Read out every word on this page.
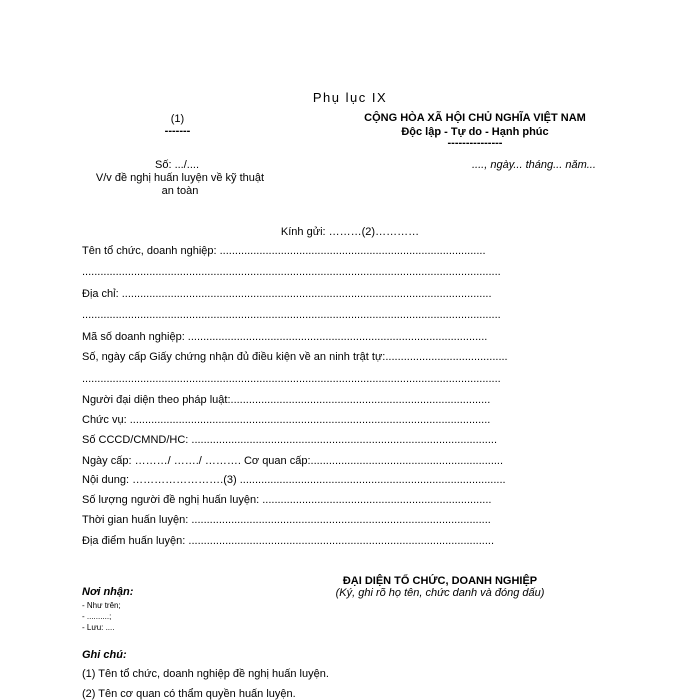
Phụ lục IX
(1)
-------
CỘNG HÒA XÃ HỘI CHỦ NGHĨA VIỆT NAM
Độc lập - Tự do - Hạnh phúc
---------------
Số: .../....
V/v đề nghị huấn luyện về kỹ thuật
an toàn
...., ngày... tháng... năm...
Kính gửi: ………(2)…………
Tên tổ chức, doanh nghiệp: .......................................................................................
.........................................................................................................................................
Địa chỉ: .........................................................................................................................
.........................................................................................................................................
Mã số doanh nghiệp: ..................................................................................................
Số, ngày cấp Giấy chứng nhận đủ điều kiện về an ninh trật tự:........................................
.........................................................................................................................................
Người đại diện theo pháp luật:.....................................................................................
Chức vụ: ......................................................................................................................
Số CCCD/CMND/HC: ....................................................................................................
Ngày cấp: ………/ ……./ ………. Cơ quan cấp:...............................................................
Nội dung: …………………….(3) .......................................................................................
Số lượng người đề nghị huấn luyện: ...........................................................................
Thời gian huấn luyện: ..................................................................................................
Địa điểm huấn luyện: ....................................................................................................
ĐẠI DIỆN TỔ CHỨC, DOANH NGHIỆP
(Ký, ghi rõ họ tên, chức danh và đóng dấu)
Nơi nhận:
- Như trên;
- ..........;
- Lưu: ....
Ghi chú:
(1) Tên tổ chức, doanh nghiệp đề nghị huấn luyện.
(2) Tên cơ quan có thẩm quyền huấn luyện.
